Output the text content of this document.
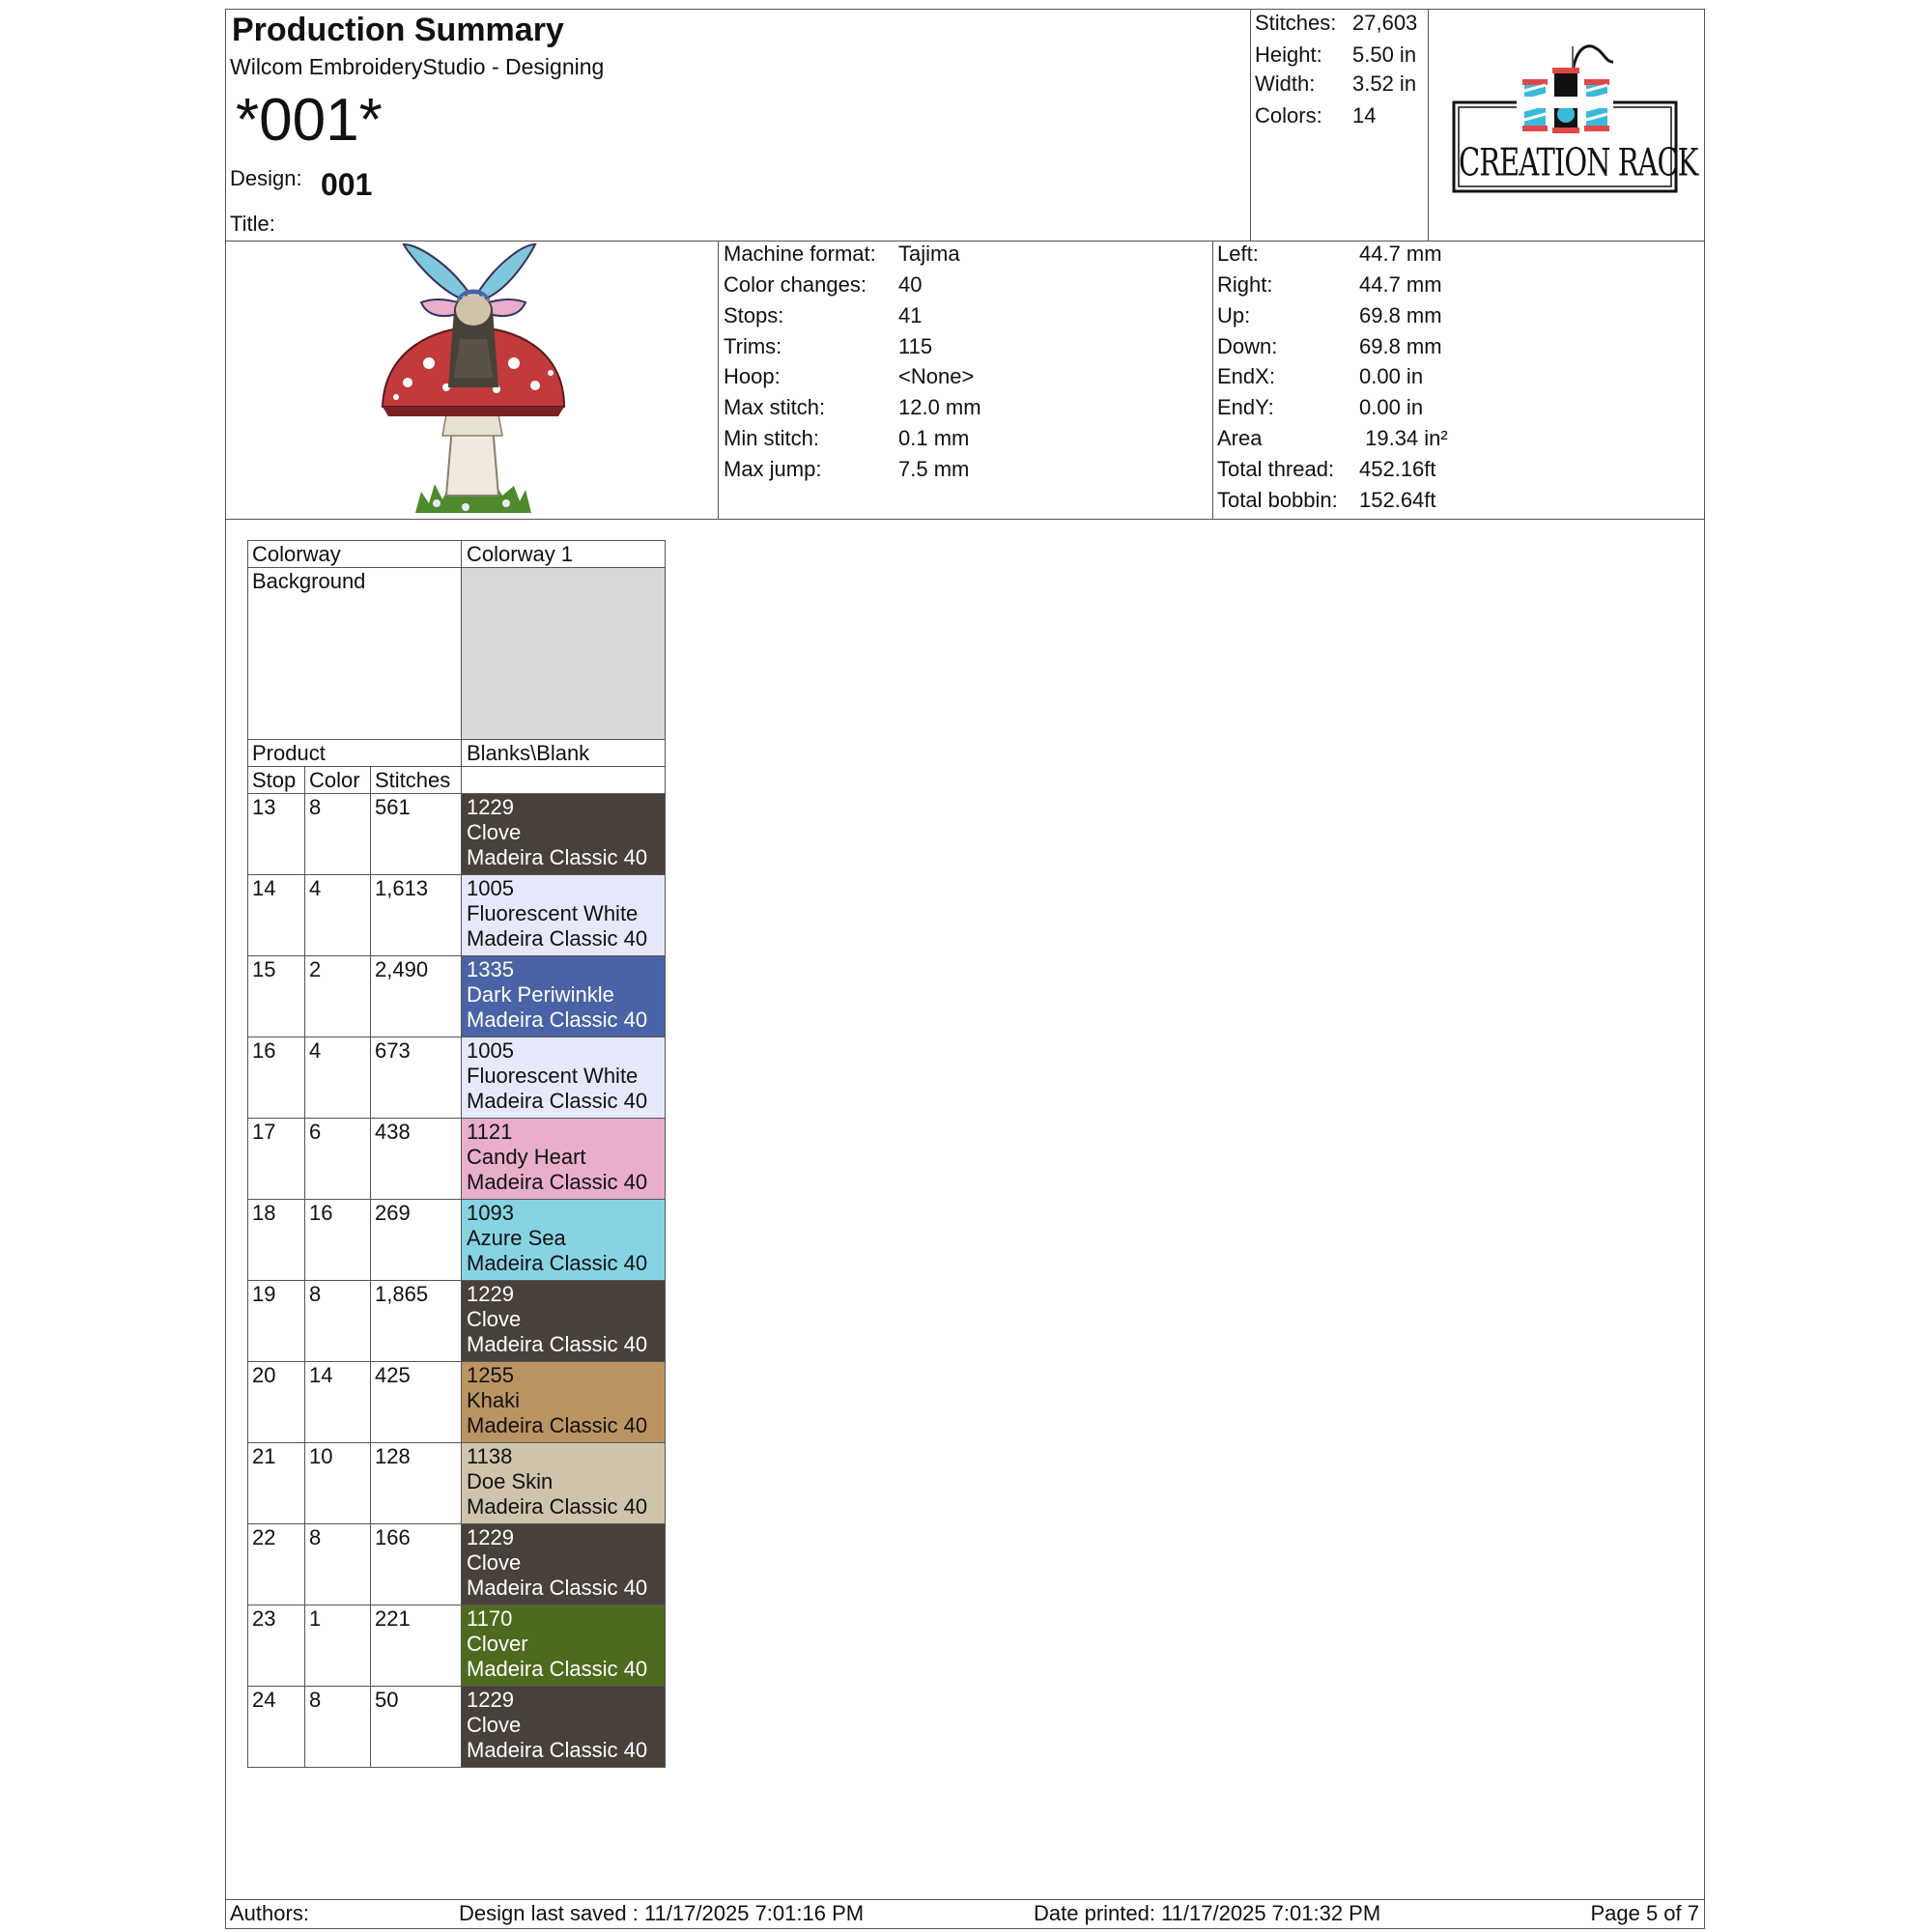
Production Summary
Wilcom EmbroideryStudio - Designing
*001*
Design: 001
Title:
Stitches: 27,603
Height: 5.50 in
Width: 3.52 in
Colors: 14
CREATION RACK
Machine format: Tajima
Color changes: 40
Stops:	41
Trims:	115
Hoop:	<None>
Max stitch:	12.0 mm
Min stitch:	0.1 mm
Max jump:	7.5 mm
Left:	44.7 mm
Right:	44.7 mm
Up:	69.8 mm
Down:	69.8 mm
EndX:	0.00 in
EndY:	0.00 in
Area	19.34 in²
Total thread: 452.16ft
Total bobbin: 152.64ft
Colorway			Colorway 1
Background			
Product			Blanks\Blank
Stop	Color	Stitches	
13	8	561	1229
Clove
Madeira Classic 40

14	4	1,613	1005
Fluorescent White
Madeira Classic 40

15	2	2,490	1335
Dark Periwinkle
Madeira Classic 40

16	4	673	1005
Fluorescent White
Madeira Classic 40

17	6	438	1121
Candy Heart
Madeira Classic 40

18	16	269	1093
Azure Sea
Madeira Classic 40

19	8	1,865	1229
Clove
Madeira Classic 40

20	14	425	1255
Khaki
Madeira Classic 40

21	10	128	1138
Doe Skin
Madeira Classic 40

22	8	166	1229
Clove
Madeira Classic 40

23	1	221	1170
Clover
Madeira Classic 40

24	8	50	1229
Clove
Madeira Classic 40
Authors:	Design last saved : 11/17/2025 7:01:16 PM	Date printed: 11/17/2025 7:01:32 PM	Page 5 of 7
